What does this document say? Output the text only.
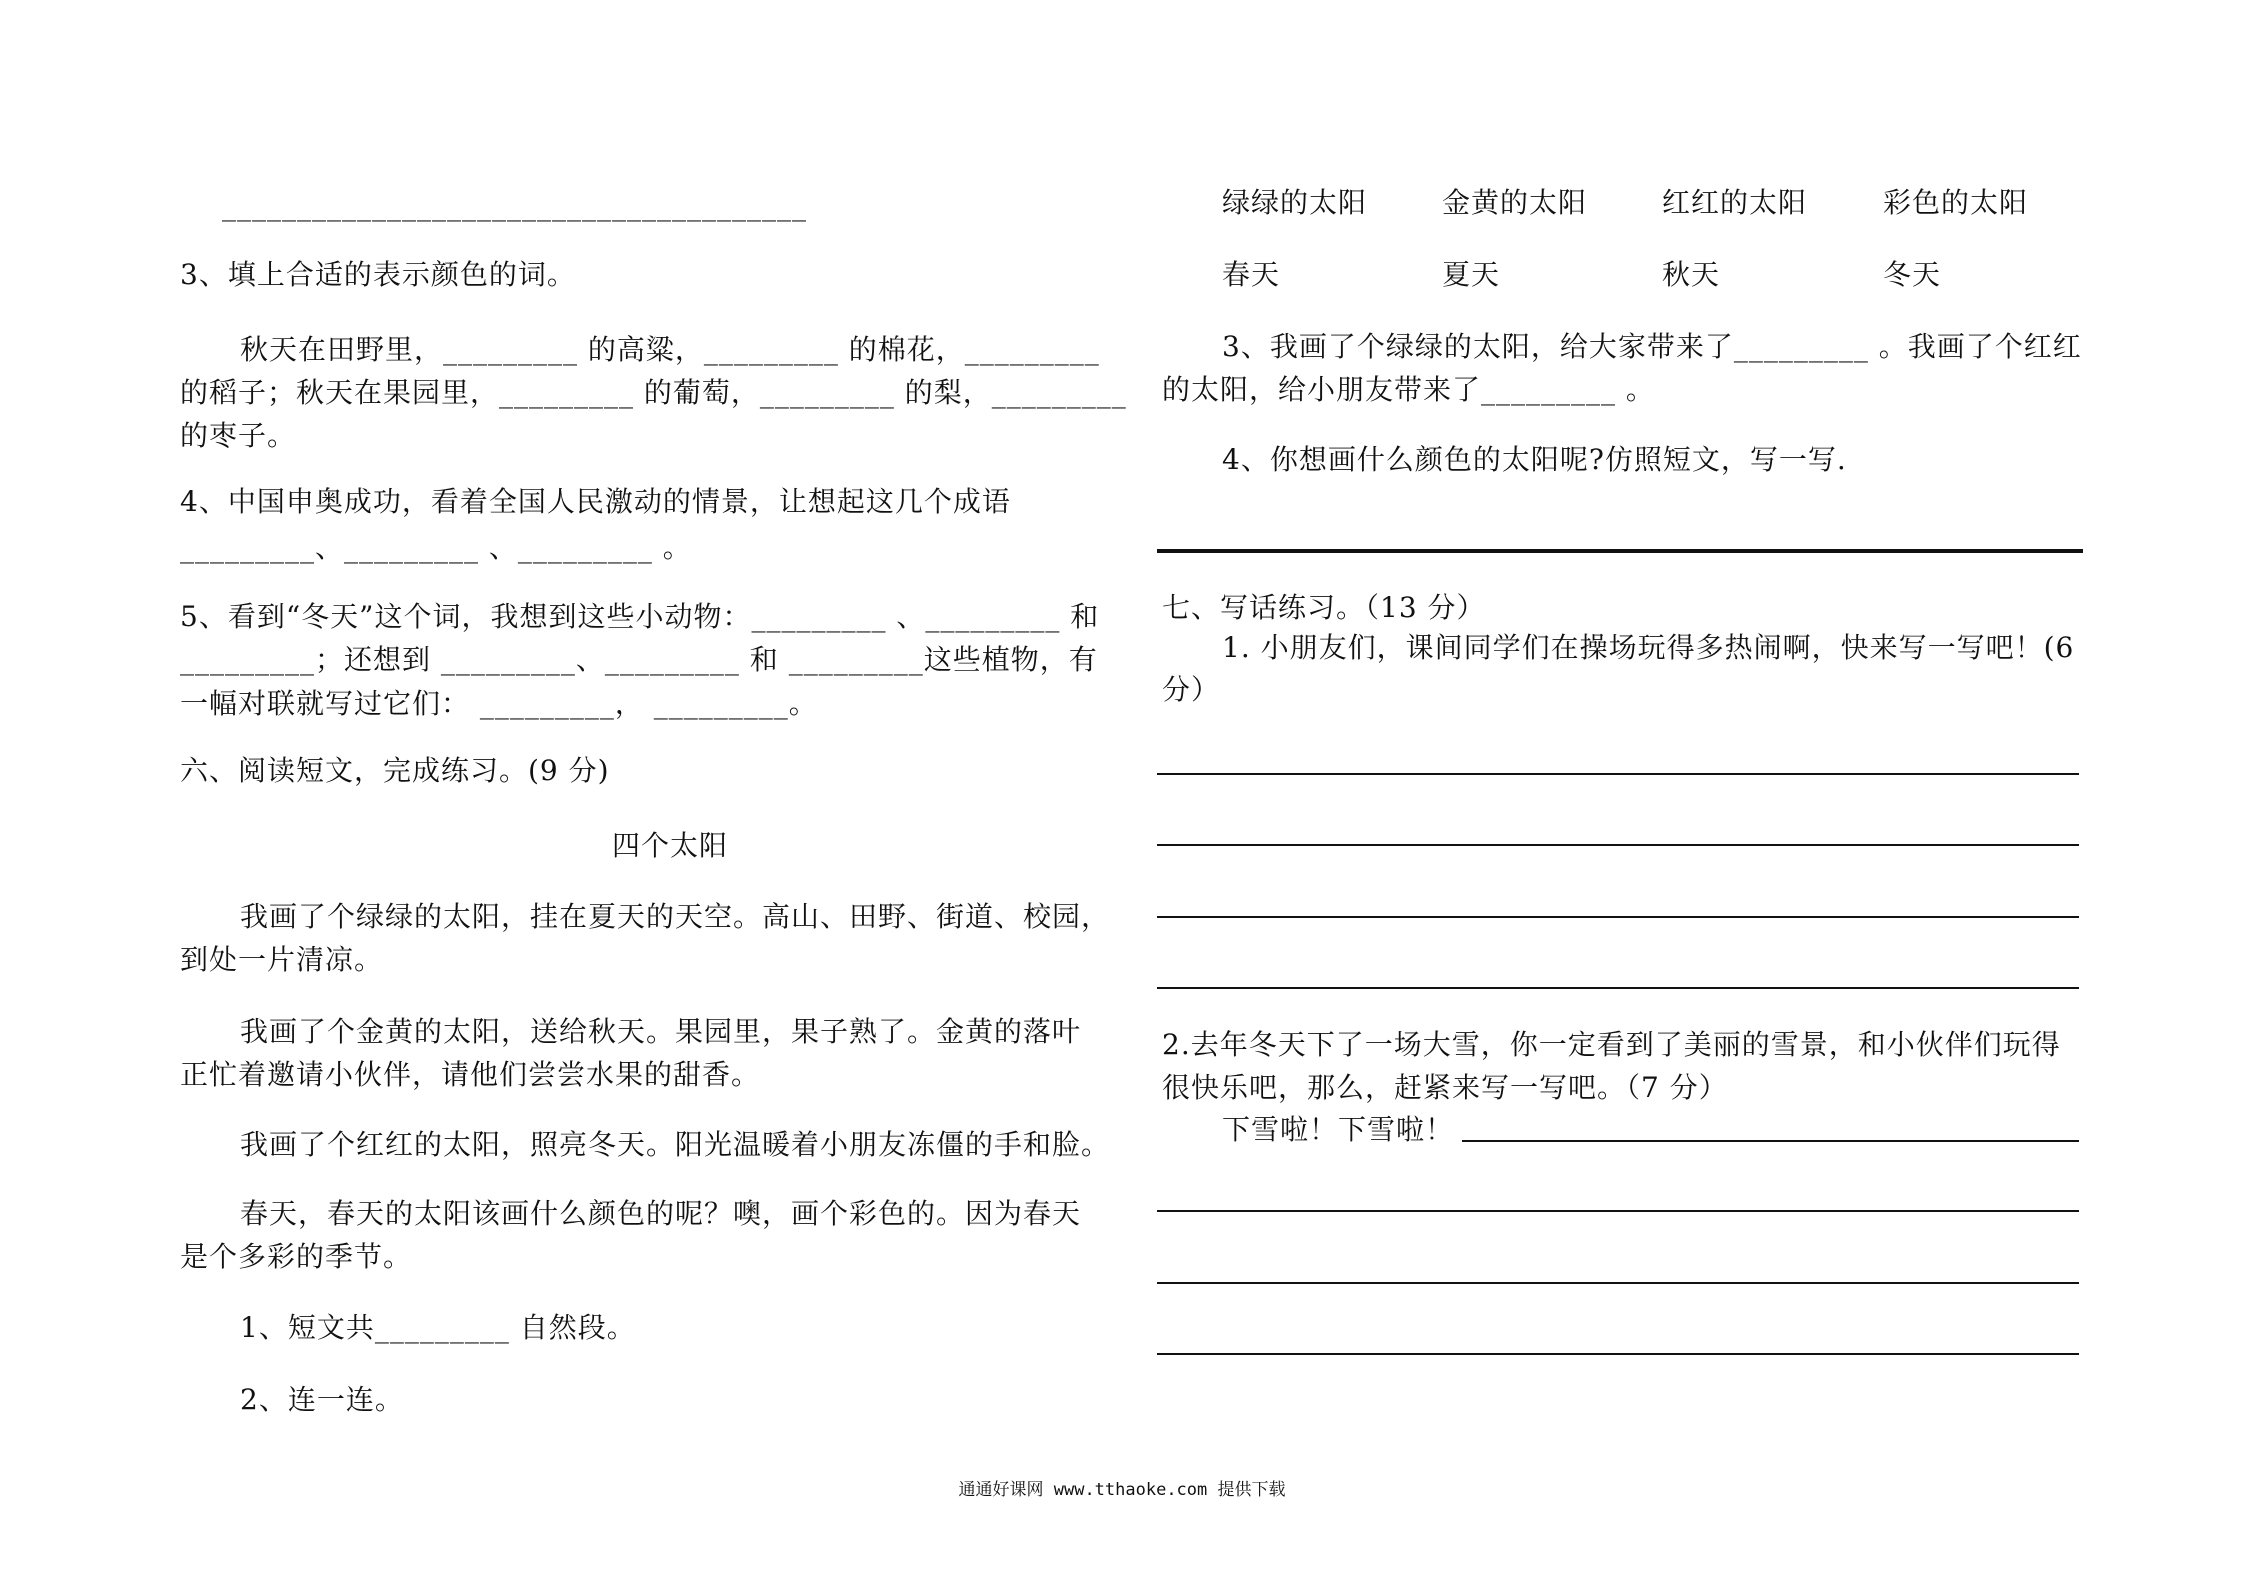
_______________________________________
3、填上合适的表示颜色的词。
秋天在田野里，_________ 的高粱，_________ 的棉花，_________
的稻子；秋天在果园里，_________ 的葡萄，_________ 的梨，_________
的枣子。
4、中国申奥成功，看着全国人民激动的情景，让想起这几个成语
_________、_________ 、_________ 。
5、看到“冬天”这个词，我想到这些小动物：_________ 、_________ 和
_________；还想到 _________、_________ 和 _________这些植物，有
一幅对联就写过它们： _________， _________。
六、阅读短文，完成练习。(9 分)
四个太阳
我画了个绿绿的太阳，挂在夏天的天空。高山、田野、街道、校园，
到处一片清凉。
我画了个金黄的太阳，送给秋天。果园里，果子熟了。金黄的落叶
正忙着邀请小伙伴，请他们尝尝水果的甜香。
我画了个红红的太阳，照亮冬天。阳光温暖着小朋友冻僵的手和脸。
春天，春天的太阳该画什么颜色的呢？噢，画个彩色的。因为春天
是个多彩的季节。
1、短文共_________ 自然段。
2、连一连。
绿绿的太阳	金黄的太阳	红红的太阳	彩色的太阳
春天	夏天	秋天	冬天
3、我画了个绿绿的太阳，给大家带来了_________ 。我画了个红红
的太阳，给小朋友带来了_________ 。
4、你想画什么颜色的太阳呢?仿照短文，写一写.
七、写话练习。（13 分）
1. 小朋友们，课间同学们在操场玩得多热闹啊，快来写一写吧！(6
分）
2.去年冬天下了一场大雪，你一定看到了美丽的雪景，和小伙伴们玩得
很快乐吧，那么，赶紧来写一写吧。（7 分）
下雪啦！下雪啦！
通通好课网 www.tthaoke.com 提供下载
